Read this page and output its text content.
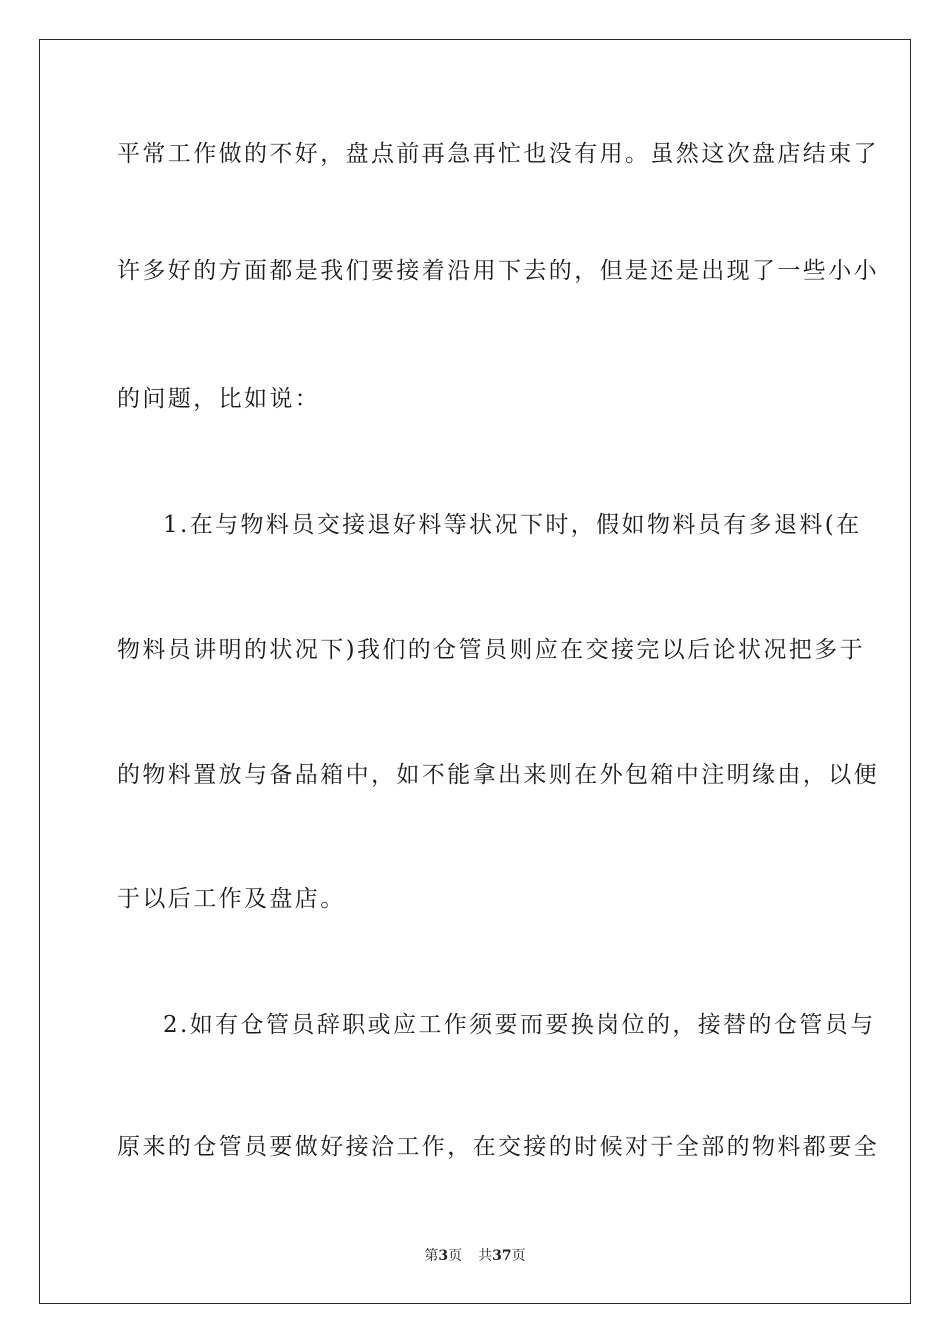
平常工作做的不好，盘点前再急再忙也没有用。虽然这次盘店结束了
许多好的方面都是我们要接着沿用下去的，但是还是出现了一些小小
的问题，比如说：
1.在与物料员交接退好料等状况下时，假如物料员有多退料(在
物料员讲明的状况下)我们的仓管员则应在交接完以后论状况把多于
的物料置放与备品箱中，如不能拿出来则在外包箱中注明缘由，以便
于以后工作及盘店。
2.如有仓管员辞职或应工作须要而要换岗位的，接替的仓管员与
原来的仓管员要做好接洽工作，在交接的时候对于全部的物料都要全
第3页 共37页
